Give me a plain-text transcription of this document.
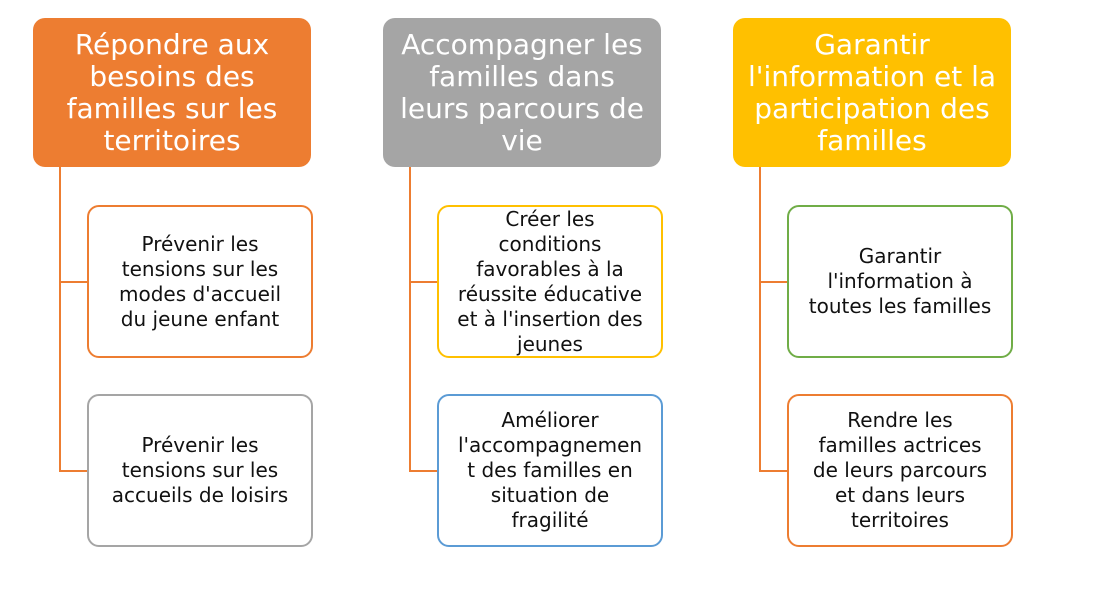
Répondre aux
besoins des
familles sur les
territoires
Prévenir les
tensions sur les
modes d'accueil
du jeune enfant
Prévenir les
tensions sur les
accueils de loisirs
Accompagner les
familles dans
leurs parcours de
vie
Créer les
conditions
favorables à la
réussite éducative
et à l'insertion des
jeunes
Améliorer
l'accompagnemen
t des familles en
situation de
fragilité
Garantir
l'information et la
participation des
familles
Garantir
l'information à
toutes les familles
Rendre les
familles actrices
de leurs parcours
et dans leurs
territoires
